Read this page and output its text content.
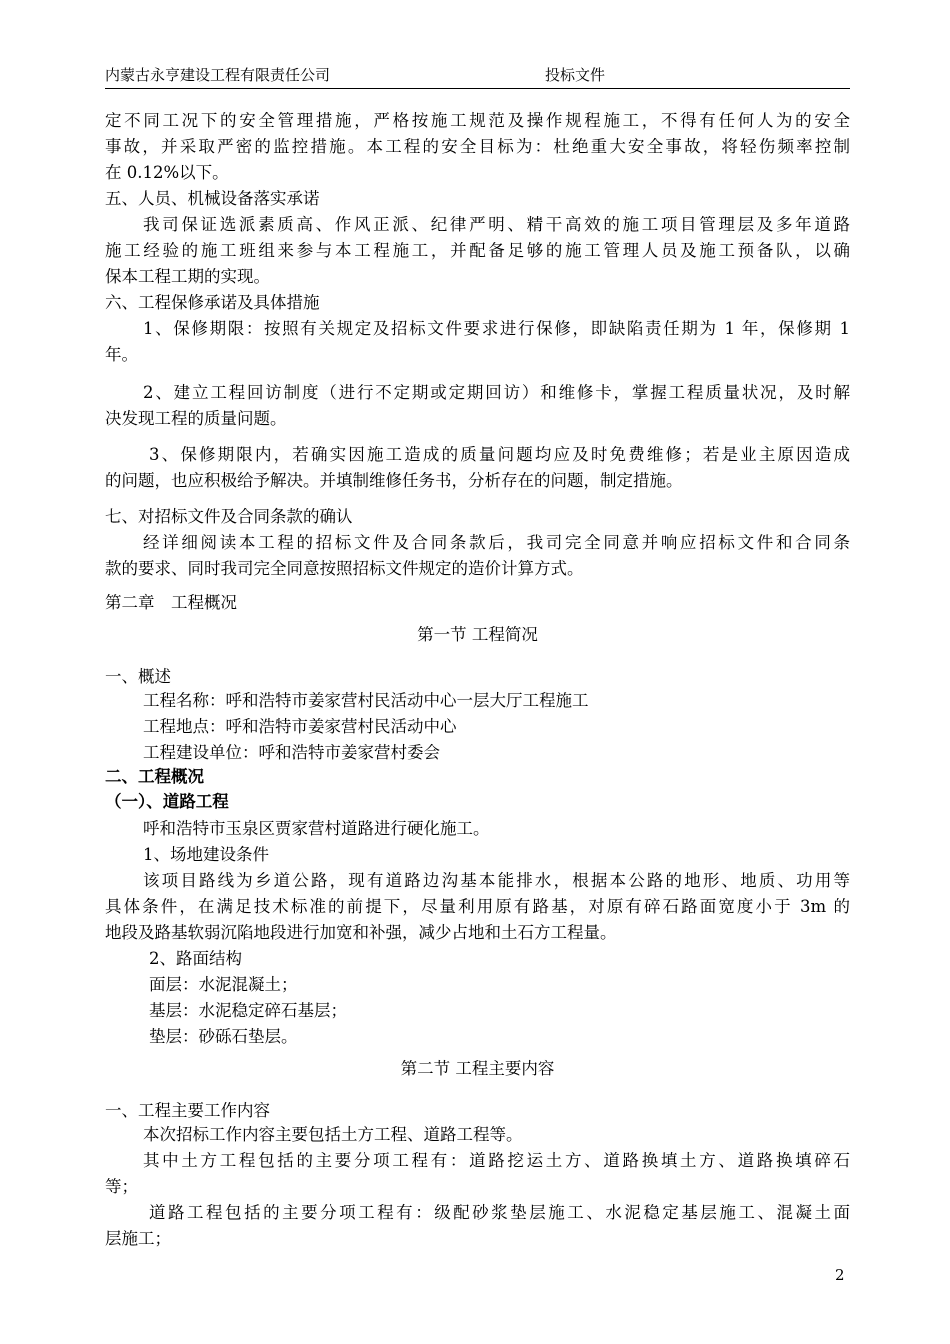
内蒙古永亨建设工程有限责任公司	投标文件
定不同工况下的安全管理措施，严格按施工规范及操作规程施工，不得有任何人为的安全
事故，并采取严密的监控措施。本工程的安全目标为：杜绝重大安全事故，将轻伤频率控制
在 0.12%以下。
五、人员、机械设备落实承诺
我司保证选派素质高、作风正派、纪律严明、精干高效的施工项目管理层及多年道路
施工经验的施工班组来参与本工程施工，并配备足够的施工管理人员及施工预备队，以确
保本工程工期的实现。
六、工程保修承诺及具体措施
1、保修期限：按照有关规定及招标文件要求进行保修，即缺陷责任期为 1 年，保修期 1
年。
2、建立工程回访制度（进行不定期或定期回访）和维修卡，掌握工程质量状况，及时解
决发现工程的质量问题。
3、保修期限内，若确实因施工造成的质量问题均应及时免费维修；若是业主原因造成
的问题，也应积极给予解决。并填制维修任务书，分析存在的问题，制定措施。
七、对招标文件及合同条款的确认
经详细阅读本工程的招标文件及合同条款后，我司完全同意并响应招标文件和合同条
款的要求、同时我司完全同意按照招标文件规定的造价计算方式。
第二章　工程概况
第一节 工程简况
一、概述
工程名称：呼和浩特市姜家营村民活动中心一层大厅工程施工
工程地点：呼和浩特市姜家营村民活动中心
工程建设单位：呼和浩特市姜家营村委会
二、工程概况
（一）、道路工程
呼和浩特市玉泉区贾家营村道路进行硬化施工。
1、场地建设条件
该项目路线为乡道公路，现有道路边沟基本能排水，根据本公路的地形、地质、功用等
具体条件，在满足技术标准的前提下，尽量利用原有路基，对原有碎石路面宽度小于 3m 的
地段及路基软弱沉陷地段进行加宽和补强，减少占地和土石方工程量。
2、路面结构
面层：水泥混凝土；
基层：水泥稳定碎石基层；
垫层：砂砾石垫层。
第二节 工程主要内容
一、工程主要工作内容
本次招标工作内容主要包括土方工程、道路工程等。
其中土方工程包括的主要分项工程有：道路挖运土方、道路换填土方、道路换填碎石
等；
道路工程包括的主要分项工程有：级配砂浆垫层施工、水泥稳定基层施工、混凝土面
层施工；
2
